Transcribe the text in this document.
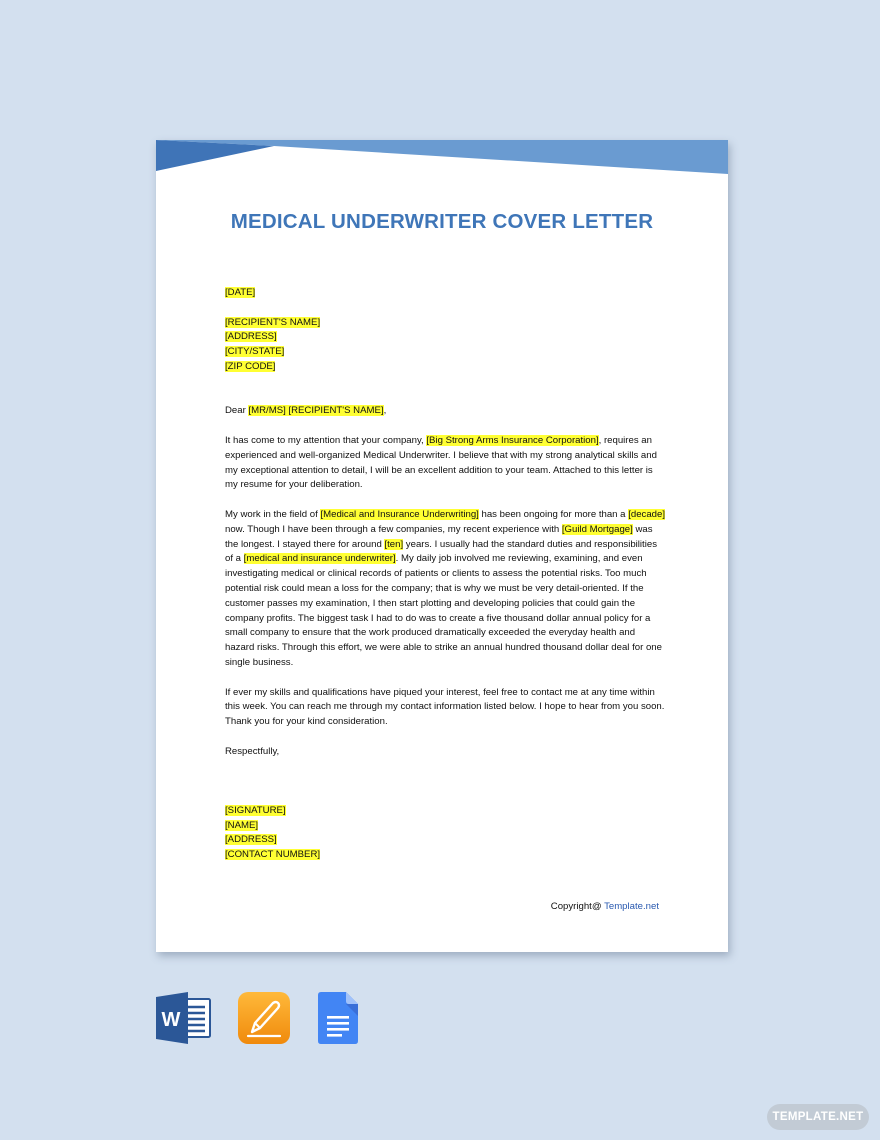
MEDICAL UNDERWRITER COVER LETTER

[DATE]

[RECIPIENT'S NAME]

[ADDRESS]

[CITY/STATE]

[ZIP CODE]

Dear [MR/MS] [RECIPIENT'S NAME],

It has come to my attention that your company, [Big Strong Arms Insurance Corporation], requires an experienced and well-organized Medical Underwriter. I believe that with my strong analytical skills and my exceptional attention to detail, I will be an excellent addition to your team. Attached to this letter is my resume for your deliberation.

My work in the field of [Medical and Insurance Underwriting] has been ongoing for more than a [decade] now. Though I have been through a few companies, my recent experience with [Guild Mortgage] was the longest. I stayed there for around [ten] years. I usually had the standard duties and responsibilities of a [medical and insurance underwriter]. My daily job involved me reviewing, examining, and even investigating medical or clinical records of patients or clients to assess the potential risks. Too much potential risk could mean a loss for the company; that is why we must be very detail-oriented. If the customer passes my examination, I then start plotting and developing policies that could gain the company profits. The biggest task I had to do was to create a five thousand dollar annual policy for a small company to ensure that the work produced dramatically exceeded the everyday health and hazard risks. Through this effort, we were able to strike an annual hundred thousand dollar deal for one single business.

If ever my skills and qualifications have piqued your interest, feel free to contact me at any time within this week. You can reach me through my contact information listed below. I hope to hear from you soon. Thank you for your kind consideration.

Respectfully,

[SIGNATURE]

[NAME]

[ADDRESS]

[CONTACT NUMBER]

Copyright@ Template.net
W
TEMPLATE.NET
